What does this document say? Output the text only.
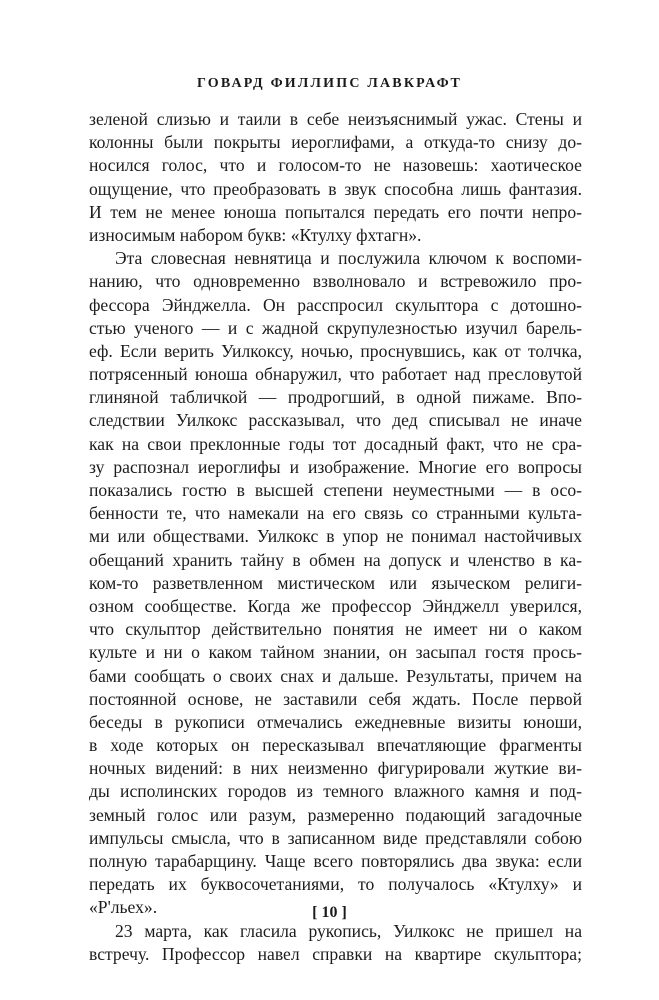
ГОВАРД ФИЛЛИПС ЛАВКРАФТ
зеленой слизью и таили в себе неизъяснимый ужас. Стены и
колонны были покрыты иероглифами, а откуда-то снизу до-
носился голос, что и голосом-то не назовешь: хаотическое
ощущение, что преобразовать в звук способна лишь фантазия.
И тем не менее юноша попытался передать его почти непро-
износимым набором букв: «Ктулху фхтагн».
Эта словесная невнятица и послужила ключом к воспоми-
нанию, что одновременно взволновало и встревожило про-
фессора Эйнджелла. Он расспросил скульптора с дотошно-
стью ученого — и с жадной скрупулезностью изучил барель-
еф. Если верить Уилкоксу, ночью, проснувшись, как от толчка,
потрясенный юноша обнаружил, что работает над пресловутой
глиняной табличкой — продрогший, в одной пижаме. Впо-
следствии Уилкокс рассказывал, что дед списывал не иначе
как на свои преклонные годы тот досадный факт, что не сра-
зу распознал иероглифы и изображение. Многие его вопросы
показались гостю в высшей степени неуместными — в осо-
бенности те, что намекали на его связь со странными культа-
ми или обществами. Уилкокс в упор не понимал настойчивых
обещаний хранить тайну в обмен на допуск и членство в ка-
ком-то разветвленном мистическом или языческом религи-
озном сообществе. Когда же профессор Эйнджелл уверился,
что скульптор действительно понятия не имеет ни о каком
культе и ни о каком тайном знании, он засыпал гостя прось-
бами сообщать о своих снах и дальше. Результаты, причем на
постоянной основе, не заставили себя ждать. После первой
беседы в рукописи отмечались ежедневные визиты юноши,
в ходе которых он пересказывал впечатляющие фрагменты
ночных видений: в них неизменно фигурировали жуткие ви-
ды исполинских городов из темного влажного камня и под-
земный голос или разум, размеренно подающий загадочные
импульсы смысла, что в записанном виде представляли собою
полную тарабарщину. Чаще всего повторялись два звука: если
передать их буквосочетаниями, то получалось «Ктулху» и
«Р'льех».
23 марта, как гласила рукопись, Уилкокс не пришел на
встречу. Профессор навел справки на квартире скульптора;
[ 10 ]
